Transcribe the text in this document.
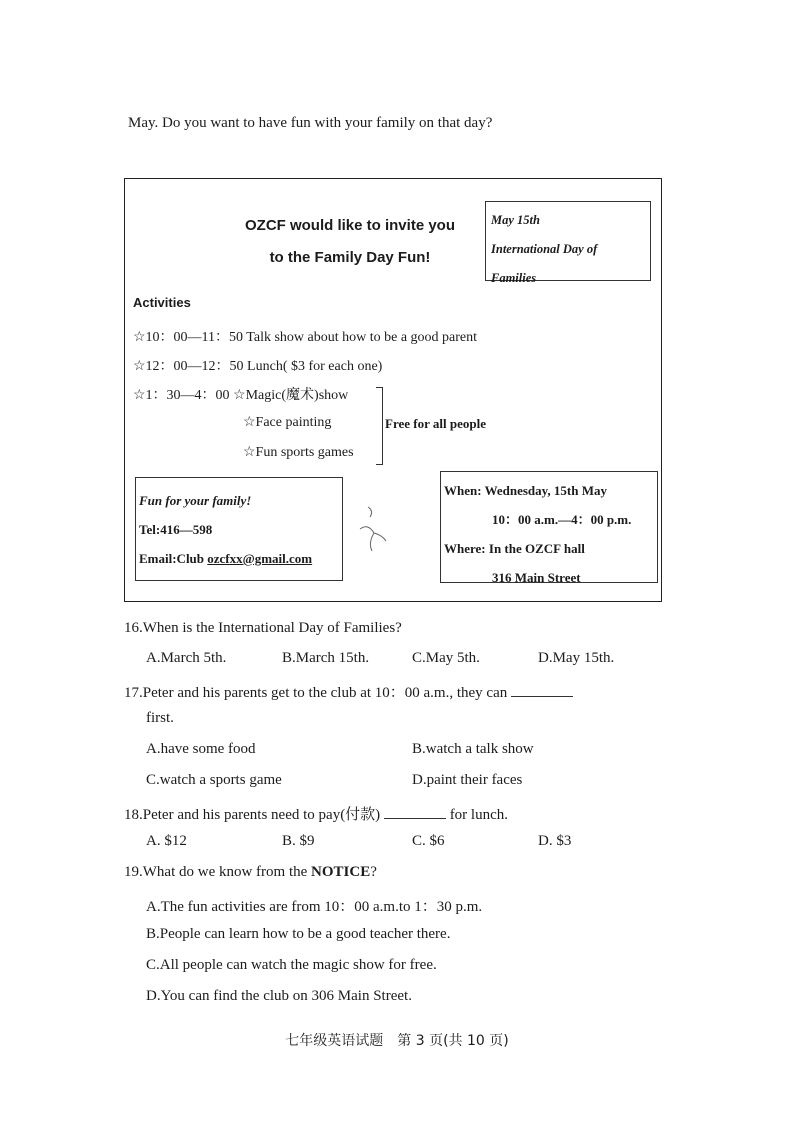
May. Do you want to have fun with your family on that day?
OZCF would like to invite you
to the Family Day Fun!
May 15th
International Day of
Families
Activities
☆10：00—11：50 Talk show about how to be a good parent
☆12：00—12：50 Lunch( $3 for each one)
☆1：30—4：00 ☆Magic(魔术)show
☆Face painting
☆Fun sports games
Free for all people
Fun for your family!
Tel:416—598
Email:Club ozcfxx@gmail.com
When: Wednesday, 15th May
10：00 a.m.—4：00 p.m.
Where: In the OZCF hall
316 Main Street
16.When is the International Day of Families?
A.March 5th.	B.March 15th.	C.May 5th.	D.May 15th.
17.Peter and his parents get to the club at 10：00 a.m., they can
first.
A.have some food	B.watch a talk show
C.watch a sports game	D.paint their faces
18.Peter and his parents need to pay(付款)	for lunch.
A. $12	B. $9	C. $6	D. $3
19.What do we know from the NOTICE?
A.The fun activities are from 10：00 a.m.to 1：30 p.m.
B.People can learn how to be a good teacher there.
C.All people can watch the magic show for free.
D.You can find the club on 306 Main Street.
七年级英语试题　第 3 页(共 10 页)
